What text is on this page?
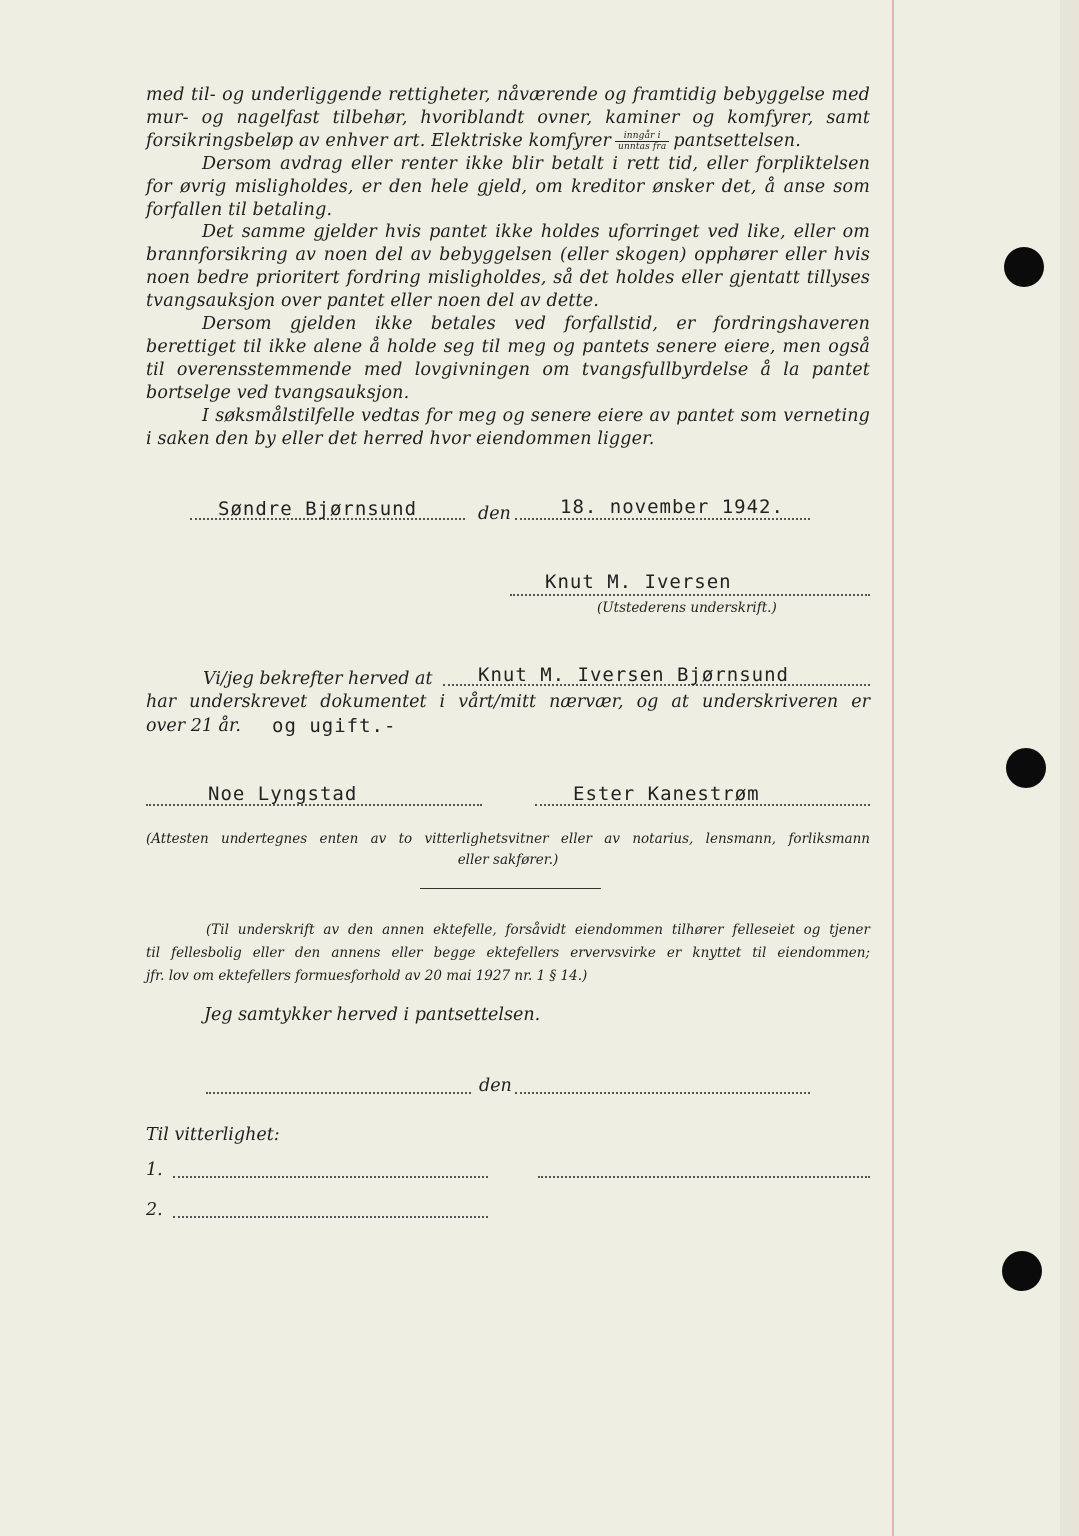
med til- og underliggende rettigheter, nåværende og framtidig bebyggelse med mur- og nagelfast tilbehør, hvoriblandt ovner, kaminer og komfyrer, samt forsikringsbeløp av enhver art. Elektriske komfyrer $\frac{\text{inngår i}}{\text{unntas fra}}$ pantsettelsen.

Dersom avdrag eller renter ikke blir betalt i rett tid, eller forpliktelsen for øvrig misligholdes, er den hele gjeld, om kreditor ønsker det, å anse som forfallen til betaling.

Det samme gjelder hvis pantet ikke holdes uforringet ved like, eller om brannforsikring av noen del av bebyggelsen (eller skogen) opphører eller hvis noen bedre prioritert fordring misligholdes, så det holdes eller gjentatt tillyses tvangsauksjon over pantet eller noen del av dette.

Dersom gjelden ikke betales ved forfallstid, er fordringshaveren berettiget til ikke alene å holde seg til meg og pantets senere eiere, men også til overensstemmende med lovgivningen om tvangsfullbyrdelse å la pantet bortselge ved tvangsauksjon.

I søksmålstilfelle vedtas for meg og senere eiere av pantet som verneting i saken den by eller det herred hvor eiendommen ligger.

Søndre Bjørnsund	den	18. november 1942.
Knut M. Iversen
(Utstederens underskrift.)
Vi/jeg bekrefter herved at Knut M. Iversen Bjørnsund
har underskrevet dokumentet i vårt/mitt nærvær, og at underskriveren er
over 21 år. og ugift.-
Noe Lyngstad	Ester Kanestrøm
(Attesten undertegnes enten av to vitterlighetsvitner eller av notarius, lensmann, forliksmann
eller sakfører.)
(Til underskrift av den annen ektefelle, forsåvidt eiendommen tilhører felleseiet og tjener
til fellesbolig eller den annens eller begge ektefellers ervervsvirke er knyttet til eiendommen;
jfr. lov om ektefellers formuesforhold av 20 mai 1927 nr. 1 § 14.)
Jeg samtykker herved i pantsettelsen.
den
Til vitterlighet:
1.
2.
